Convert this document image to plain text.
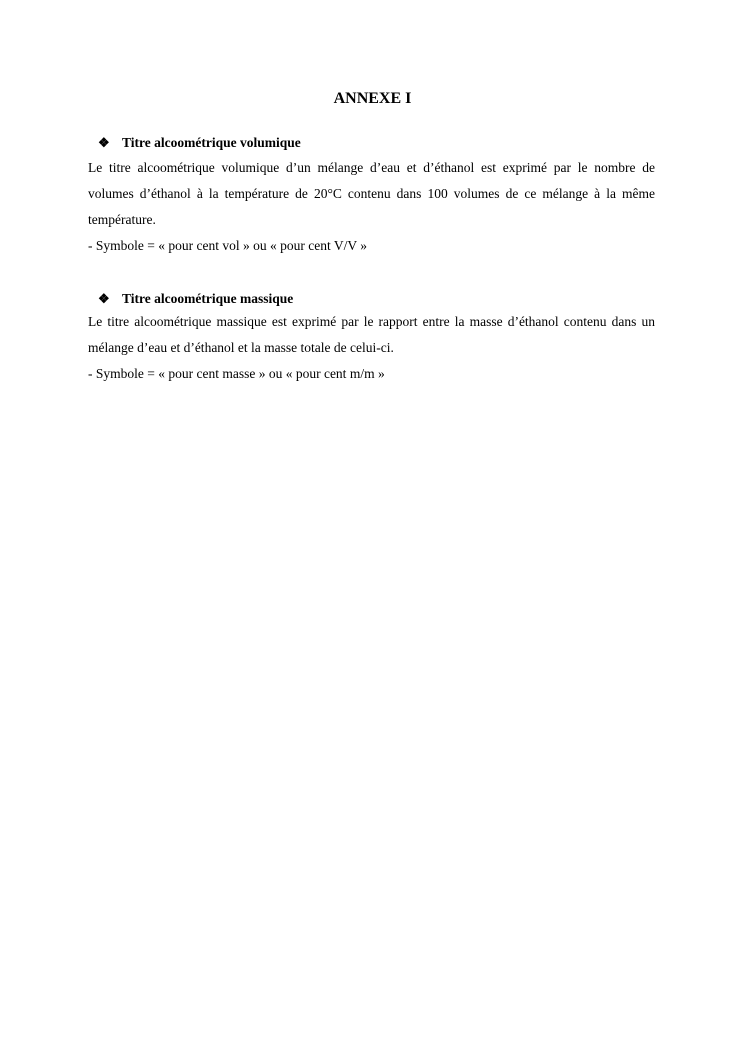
ANNEXE I
❖ Titre alcoométrique volumique
Le titre alcoométrique volumique d’un mélange d’eau et d’éthanol est exprimé par le nombre de volumes d’éthanol à la température de 20°C contenu dans 100 volumes de ce mélange à la même température.
- Symbole = « pour cent vol » ou « pour cent V/V »
❖ Titre alcoométrique massique
Le titre alcoométrique massique est exprimé par le rapport entre la masse d’éthanol contenu dans un mélange d’eau et d’éthanol et la masse totale de celui-ci.
- Symbole = « pour cent masse » ou « pour cent m/m »
